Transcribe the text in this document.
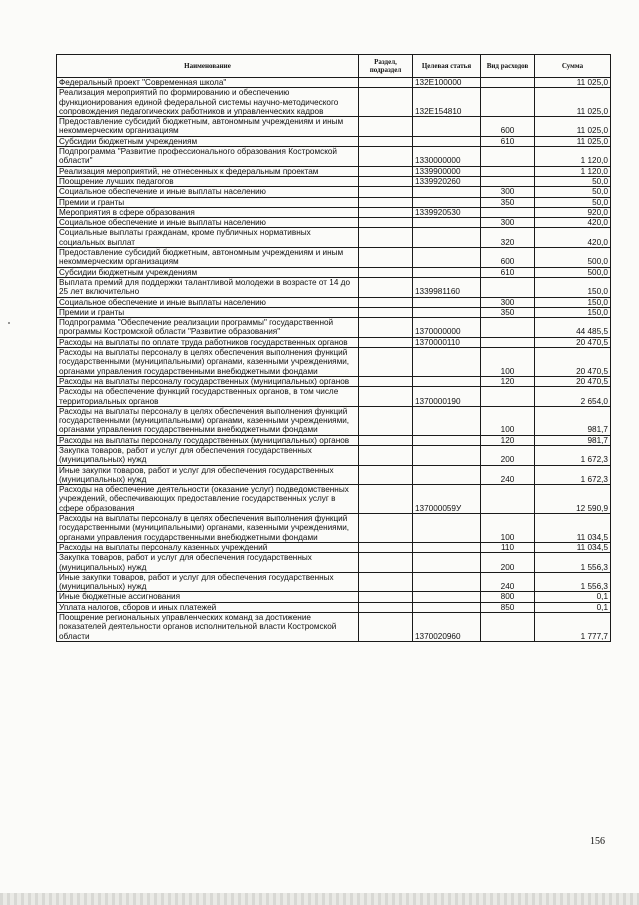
Наименование	Раздел, подраздел	Целевая статья	Вид расходов	Сумма
Федеральный проект "Современная школа"		132E100000		11 025,0
Реализация мероприятий по формированию и обеспечению функционирования единой федеральной системы научно-методического сопровождения педагогических работников и управленческих кадров		132E154810		11 025,0
Предоставление субсидий бюджетным, автономным учреждениям и иным некоммерческим организациям			600	11 025,0
Субсидии бюджетным учреждениям			610	11 025,0
Подпрограмма "Развитие профессионального образования Костромской области"		1330000000		1 120,0
Реализация мероприятий, не отнесенных к федеральным проектам		1339900000		1 120,0
Поощрение лучших педагогов		1339920260		50,0
Социальное обеспечение и иные выплаты населению			300	50,0
Премии и гранты			350	50,0
Мероприятия в сфере образования		1339920530		920,0
Социальное обеспечение и иные выплаты населению			300	420,0
Социальные выплаты гражданам, кроме публичных нормативных социальных выплат			320	420,0
Предоставление субсидий бюджетным, автономным учреждениям и иным некоммерческим организациям			600	500,0
Субсидии бюджетным учреждениям			610	500,0
Выплата премий для поддержки талантливой молодежи в возрасте от 14 до 25 лет включительно		1339981160		150,0
Социальное обеспечение и иные выплаты населению			300	150,0
Премии и гранты			350	150,0
Подпрограмма "Обеспечение реализации программы" государственной программы Костромской области "Развитие образования"		1370000000		44 485,5
Расходы на выплаты по оплате труда работников государственных органов		1370000110		20 470,5
Расходы на выплаты персоналу в целях обеспечения выполнения функций государственными (муниципальными) органами, казенными учреждениями, органами управления государственными внебюджетными фондами			100	20 470,5
Расходы на выплаты персоналу государственных (муниципальных) органов			120	20 470,5
Расходы на обеспечение функций государственных органов, в том числе территориальных органов		1370000190		2 654,0
Расходы на выплаты персоналу в целях обеспечения выполнения функций государственными (муниципальными) органами, казенными учреждениями, органами управления государственными внебюджетными фондами			100	981,7
Расходы на выплаты персоналу государственных (муниципальных) органов			120	981,7
Закупка товаров, работ и услуг для обеспечения государственных (муниципальных) нужд			200	1 672,3
Иные закупки товаров, работ и услуг для обеспечения государственных (муниципальных) нужд			240	1 672,3
Расходы на обеспечение деятельности (оказание услуг) подведомственных учреждений, обеспечивающих предоставление государственных услуг в сфере образования		137000059У		12 590,9
Расходы на выплаты персоналу в целях обеспечения выполнения функций государственными (муниципальными) органами, казенными учреждениями, органами управления государственными внебюджетными фондами			100	11 034,5
Расходы на выплаты персоналу казенных учреждений			110	11 034,5
Закупка товаров, работ и услуг для обеспечения государственных (муниципальных) нужд			200	1 556,3
Иные закупки товаров, работ и услуг для обеспечения государственных (муниципальных) нужд			240	1 556,3
Иные бюджетные ассигнования			800	0,1
Уплата налогов, сборов и иных платежей			850	0,1
Поощрение региональных управленческих команд за достижение показателей деятельности органов исполнительной власти Костромской области		1370020960		1 777,7
156
